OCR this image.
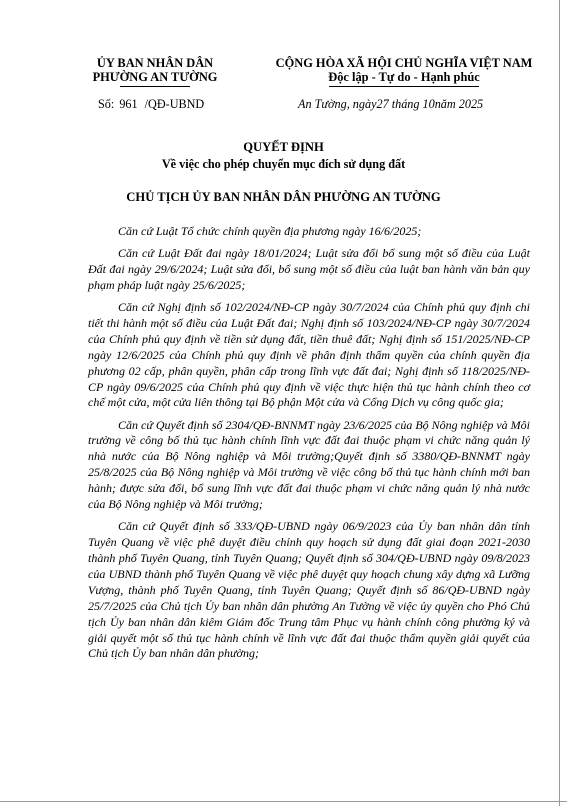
ỦY BAN NHÂN DÂN
PHƯỜNG AN TƯỜNG
CỘNG HÒA XÃ HỘI CHỦ NGHĨA VIỆT NAM
Độc lập - Tự do - Hạnh phúc
Số: 961 /QĐ-UBND	An Tường, ngày27 tháng 10năm 2025
QUYẾT ĐỊNH
Về việc cho phép chuyển mục đích sử dụng đất
CHỦ TỊCH ỦY BAN NHÂN DÂN PHƯỜNG AN TƯỜNG

Căn cứ Luật Tổ chức chính quyền địa phương ngày 16/6/2025;

Căn cứ Luật Đất đai ngày 18/01/2024; Luật sửa đổi bổ sung một số điều của Luật Đất đai ngày 29/6/2024; Luật sửa đổi, bổ sung một số điều của luật ban hành văn bản quy phạm pháp luật ngày 25/6/2025;

Căn cứ Nghị định số 102/2024/NĐ-CP ngày 30/7/2024 của Chính phủ quy định chi tiết thi hành một số điều của Luật Đất đai; Nghị định số 103/2024/NĐ-CP ngày 30/7/2024 của Chính phủ quy định về tiền sử dụng đất, tiền thuê đất; Nghị định số 151/2025/NĐ-CP ngày 12/6/2025 của Chính phủ quy định về phân định thẩm quyền của chính quyền địa phương 02 cấp, phân quyền, phân cấp trong lĩnh vực đất đai; Nghị định số 118/2025/NĐ-CP ngày 09/6/2025 của Chính phủ quy định về việc thực hiện thủ tục hành chính theo cơ chế một cửa, một cửa liên thông tại Bộ phận Một cửa và Cổng Dịch vụ công quốc gia;

Căn cứ Quyết định số 2304/QĐ-BNNMT ngày 23/6/2025 của Bộ Nông nghiệp và Môi trường về công bố thủ tục hành chính lĩnh vực đất đai thuộc phạm vi chức năng quản lý nhà nước của Bộ Nông nghiệp và Môi trường;Quyết định số 3380/QĐ-BNNMT ngày 25/8/2025 của Bộ Nông nghiệp và Môi trường về việc công bố thủ tục hành chính mới ban hành; được sửa đổi, bổ sung lĩnh vực đất đai thuộc phạm vi chức năng quản lý nhà nước của Bộ Nông nghiệp và Môi trường;

Căn cứ Quyết định số 333/QĐ-UBND ngày 06/9/2023 của Ủy ban nhân dân tỉnh Tuyên Quang về việc phê duyệt điều chỉnh quy hoạch sử dụng đất giai đoạn 2021-2030 thành phố Tuyên Quang, tỉnh Tuyên Quang; Quyết định số 304/QĐ-UBND ngày 09/8/2023 của UBND thành phố Tuyên Quang về việc phê duyệt quy hoạch chung xây dựng xã Lưỡng Vượng, thành phố Tuyên Quang, tỉnh Tuyên Quang; Quyết định số 86/QĐ-UBND ngày 25/7/2025 của Chủ tịch Ủy ban nhân dân phường An Tường về việc ủy quyền cho Phó Chủ tịch Ủy ban nhân dân kiêm Giám đốc Trung tâm Phục vụ hành chính công phường ký và giải quyết một số thủ tục hành chính về lĩnh vực đất đai thuộc thẩm quyền giải quyết của Chủ tịch Ủy ban nhân dân phường;
